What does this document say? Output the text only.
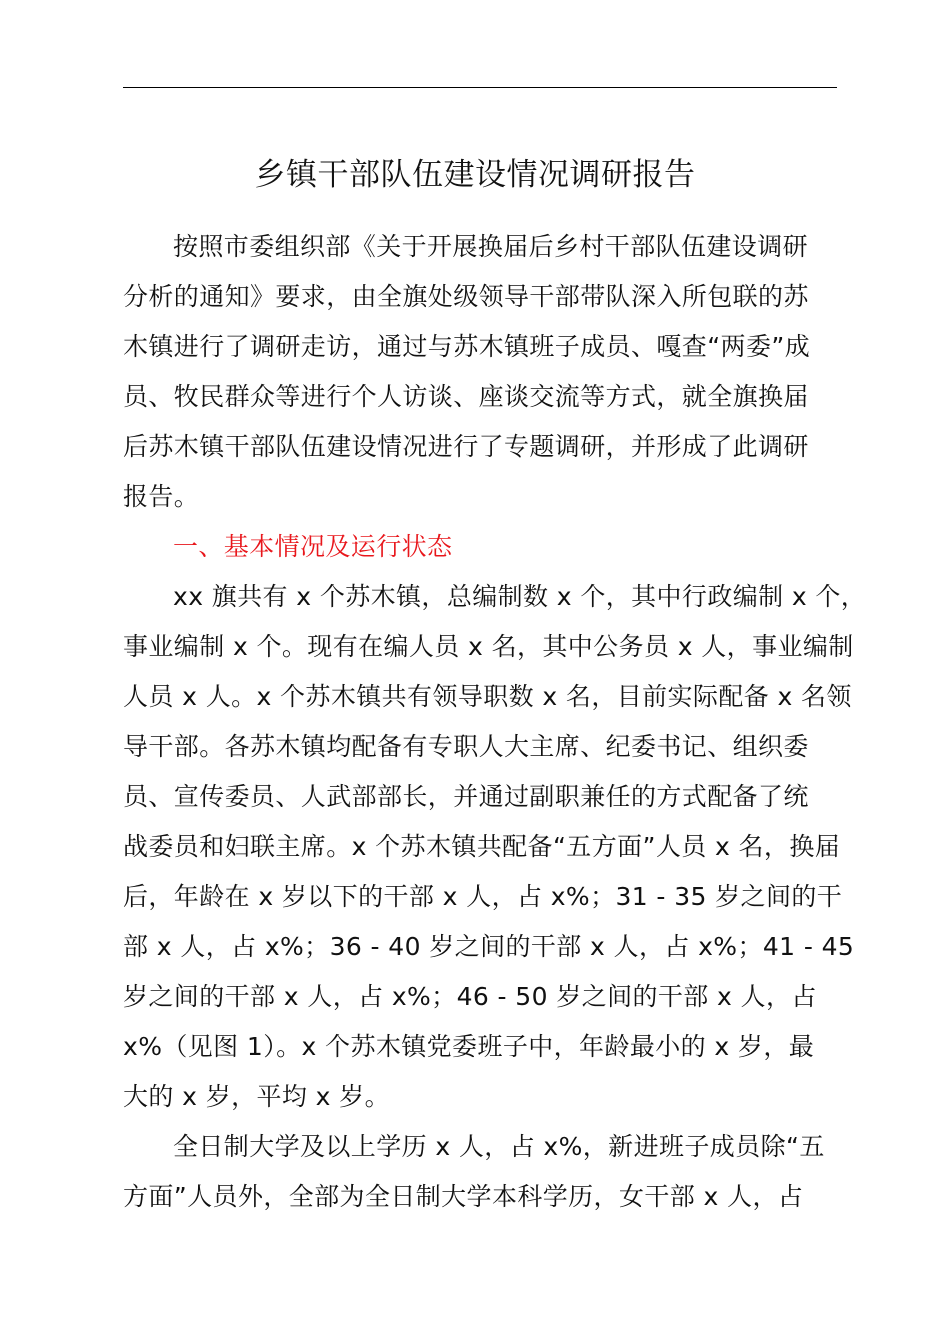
乡镇干部队伍建设情况调研报告
按照市委组织部《关于开展换届后乡村干部队伍建设调研
分析的通知》要求，由全旗处级领导干部带队深入所包联的苏
木镇进行了调研走访，通过与苏木镇班子成员、嘎查“两委”成
员、牧民群众等进行个人访谈、座谈交流等方式，就全旗换届
后苏木镇干部队伍建设情况进行了专题调研，并形成了此调研
报告。
一、基本情况及运行状态
xx 旗共有 x 个苏木镇，总编制数 x 个，其中行政编制 x 个，
事业编制 x 个。现有在编人员 x 名，其中公务员 x 人，事业编制
人员 x 人。x 个苏木镇共有领导职数 x 名，目前实际配备 x 名领
导干部。各苏木镇均配备有专职人大主席、纪委书记、组织委
员、宣传委员、人武部部长，并通过副职兼任的方式配备了统
战委员和妇联主席。x 个苏木镇共配备“五方面”人员 x 名，换届
后，年龄在 x 岁以下的干部 x 人，占 x%；31 - 35 岁之间的干
部 x 人，占 x%；36 - 40 岁之间的干部 x 人，占 x%；41 - 45
岁之间的干部 x 人，占 x%；46 - 50 岁之间的干部 x 人，占
x%（见图 1）。x 个苏木镇党委班子中，年龄最小的 x 岁，最
大的 x 岁，平均 x 岁。
全日制大学及以上学历 x 人，占 x%，新进班子成员除“五
方面”人员外，全部为全日制大学本科学历，女干部 x 人，占
